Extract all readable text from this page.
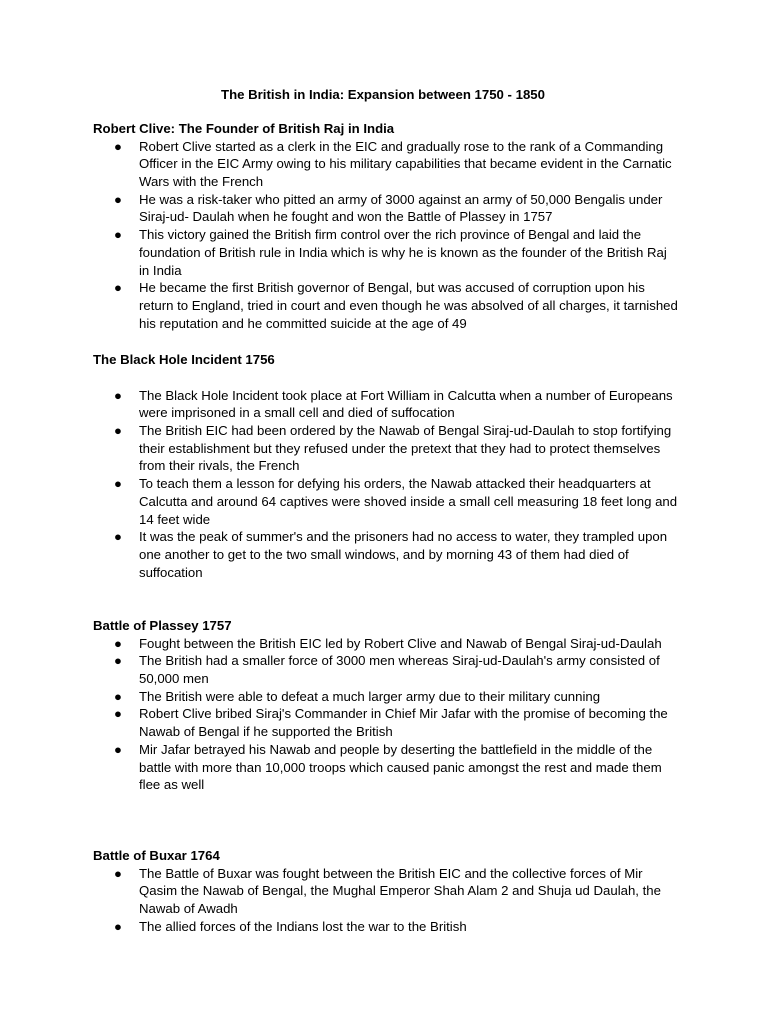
The British in India: Expansion between 1750 - 1850

Robert Clive: The Founder of British Raj in India

● Robert Clive started as a clerk in the EIC and gradually rose to the rank of a Commanding Officer in the EIC Army owing to his military capabilities that became evident in the Carnatic Wars with the French
● He was a risk-taker who pitted an army of 3000 against an army of 50,000 Bengalis under Siraj-ud- Daulah when he fought and won the Battle of Plassey in 1757
● This victory gained the British firm control over the rich province of Bengal and laid the foundation of British rule in India which is why he is known as the founder of the British Raj in India
● He became the first British governor of Bengal, but was accused of corruption upon his return to England, tried in court and even though he was absolved of all charges, it tarnished his reputation and he committed suicide at the age of 49

The Black Hole Incident 1756

● The Black Hole Incident took place at Fort William in Calcutta when a number of Europeans were imprisoned in a small cell and died of suffocation
● The British EIC had been ordered by the Nawab of Bengal Siraj-ud-Daulah to stop fortifying their establishment but they refused under the pretext that they had to protect themselves from their rivals, the French
● To teach them a lesson for defying his orders, the Nawab attacked their headquarters at Calcutta and around 64 captives were shoved inside a small cell measuring 18 feet long and 14 feet wide
● It was the peak of summer's and the prisoners had no access to water, they trampled upon one another to get to the two small windows, and by morning 43 of them had died of suffocation

Battle of Plassey 1757

● Fought between the British EIC led by Robert Clive and Nawab of Bengal Siraj-ud-Daulah
● The British had a smaller force of 3000 men whereas Siraj-ud-Daulah's army consisted of 50,000 men
● The British were able to defeat a much larger army due to their military cunning
● Robert Clive bribed Siraj's Commander in Chief Mir Jafar with the promise of becoming the Nawab of Bengal if he supported the British
● Mir Jafar betrayed his Nawab and people by deserting the battlefield in the middle of the battle with more than 10,000 troops which caused panic amongst the rest and made them flee as well

Battle of Buxar 1764

● The Battle of Buxar was fought between the British EIC and the collective forces of Mir Qasim the Nawab of Bengal, the Mughal Emperor Shah Alam 2 and Shuja ud Daulah, the Nawab of Awadh
● The allied forces of the Indians lost the war to the British
